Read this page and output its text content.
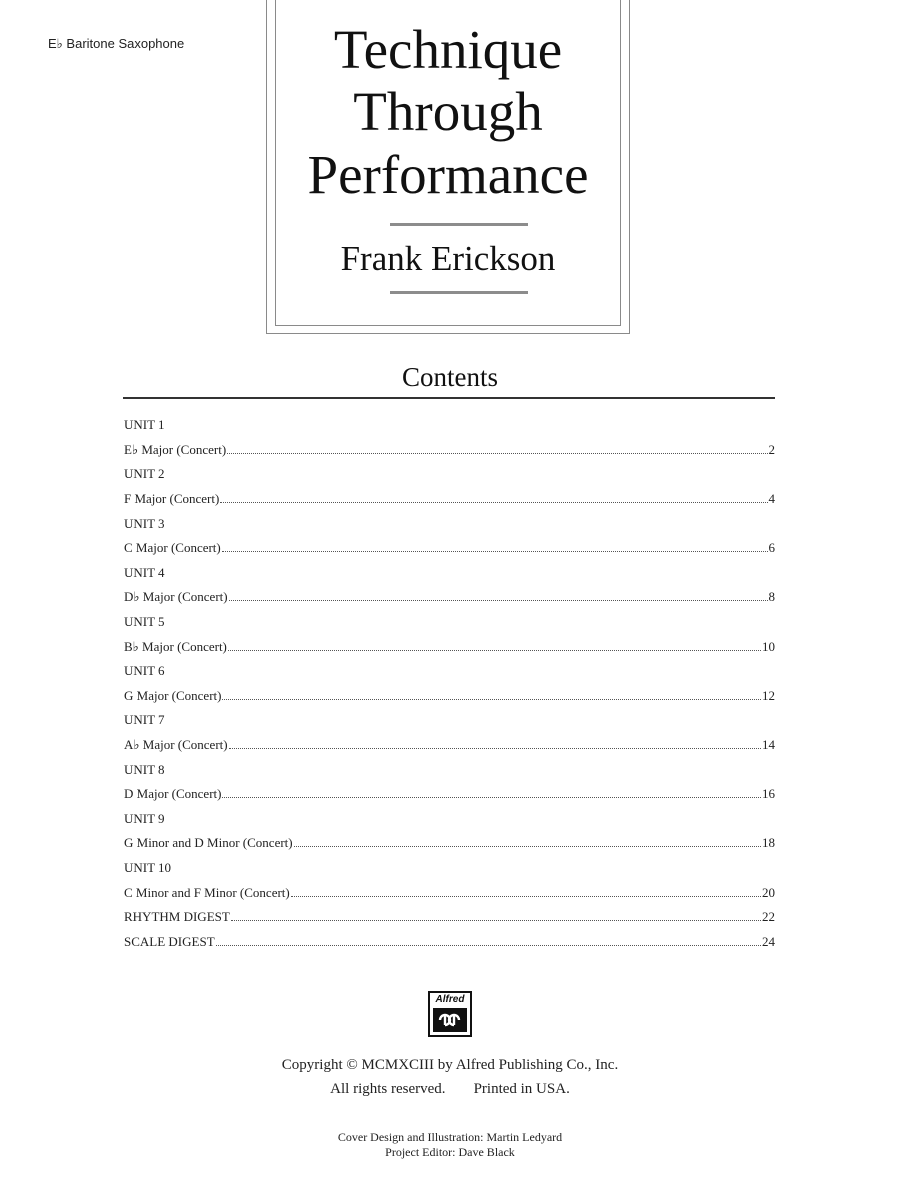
E♭ Baritone Saxophone	Technique
Through
Performance
Frank Erickson
Contents
UNIT 1
E♭ Major (Concert)	2
UNIT 2
F Major (Concert)	4
UNIT 3
C Major (Concert)	6
UNIT 4
D♭ Major (Concert)	8
UNIT 5
B♭ Major (Concert)	10
UNIT 6
G Major (Concert)	12
UNIT 7
A♭ Major (Concert)	14
UNIT 8
D Major (Concert)	16
UNIT 9
G Minor and D Minor (Concert)	18
UNIT 10
C Minor and F Minor (Concert)	20
RHYTHM DIGEST	22
SCALE DIGEST	24
Alfred
Copyright © MCMXCIII by Alfred Publishing Co., Inc.
All rights reserved. Printed in USA.
Cover Design and Illustration: Martin Ledyard
Project Editor: Dave Black
